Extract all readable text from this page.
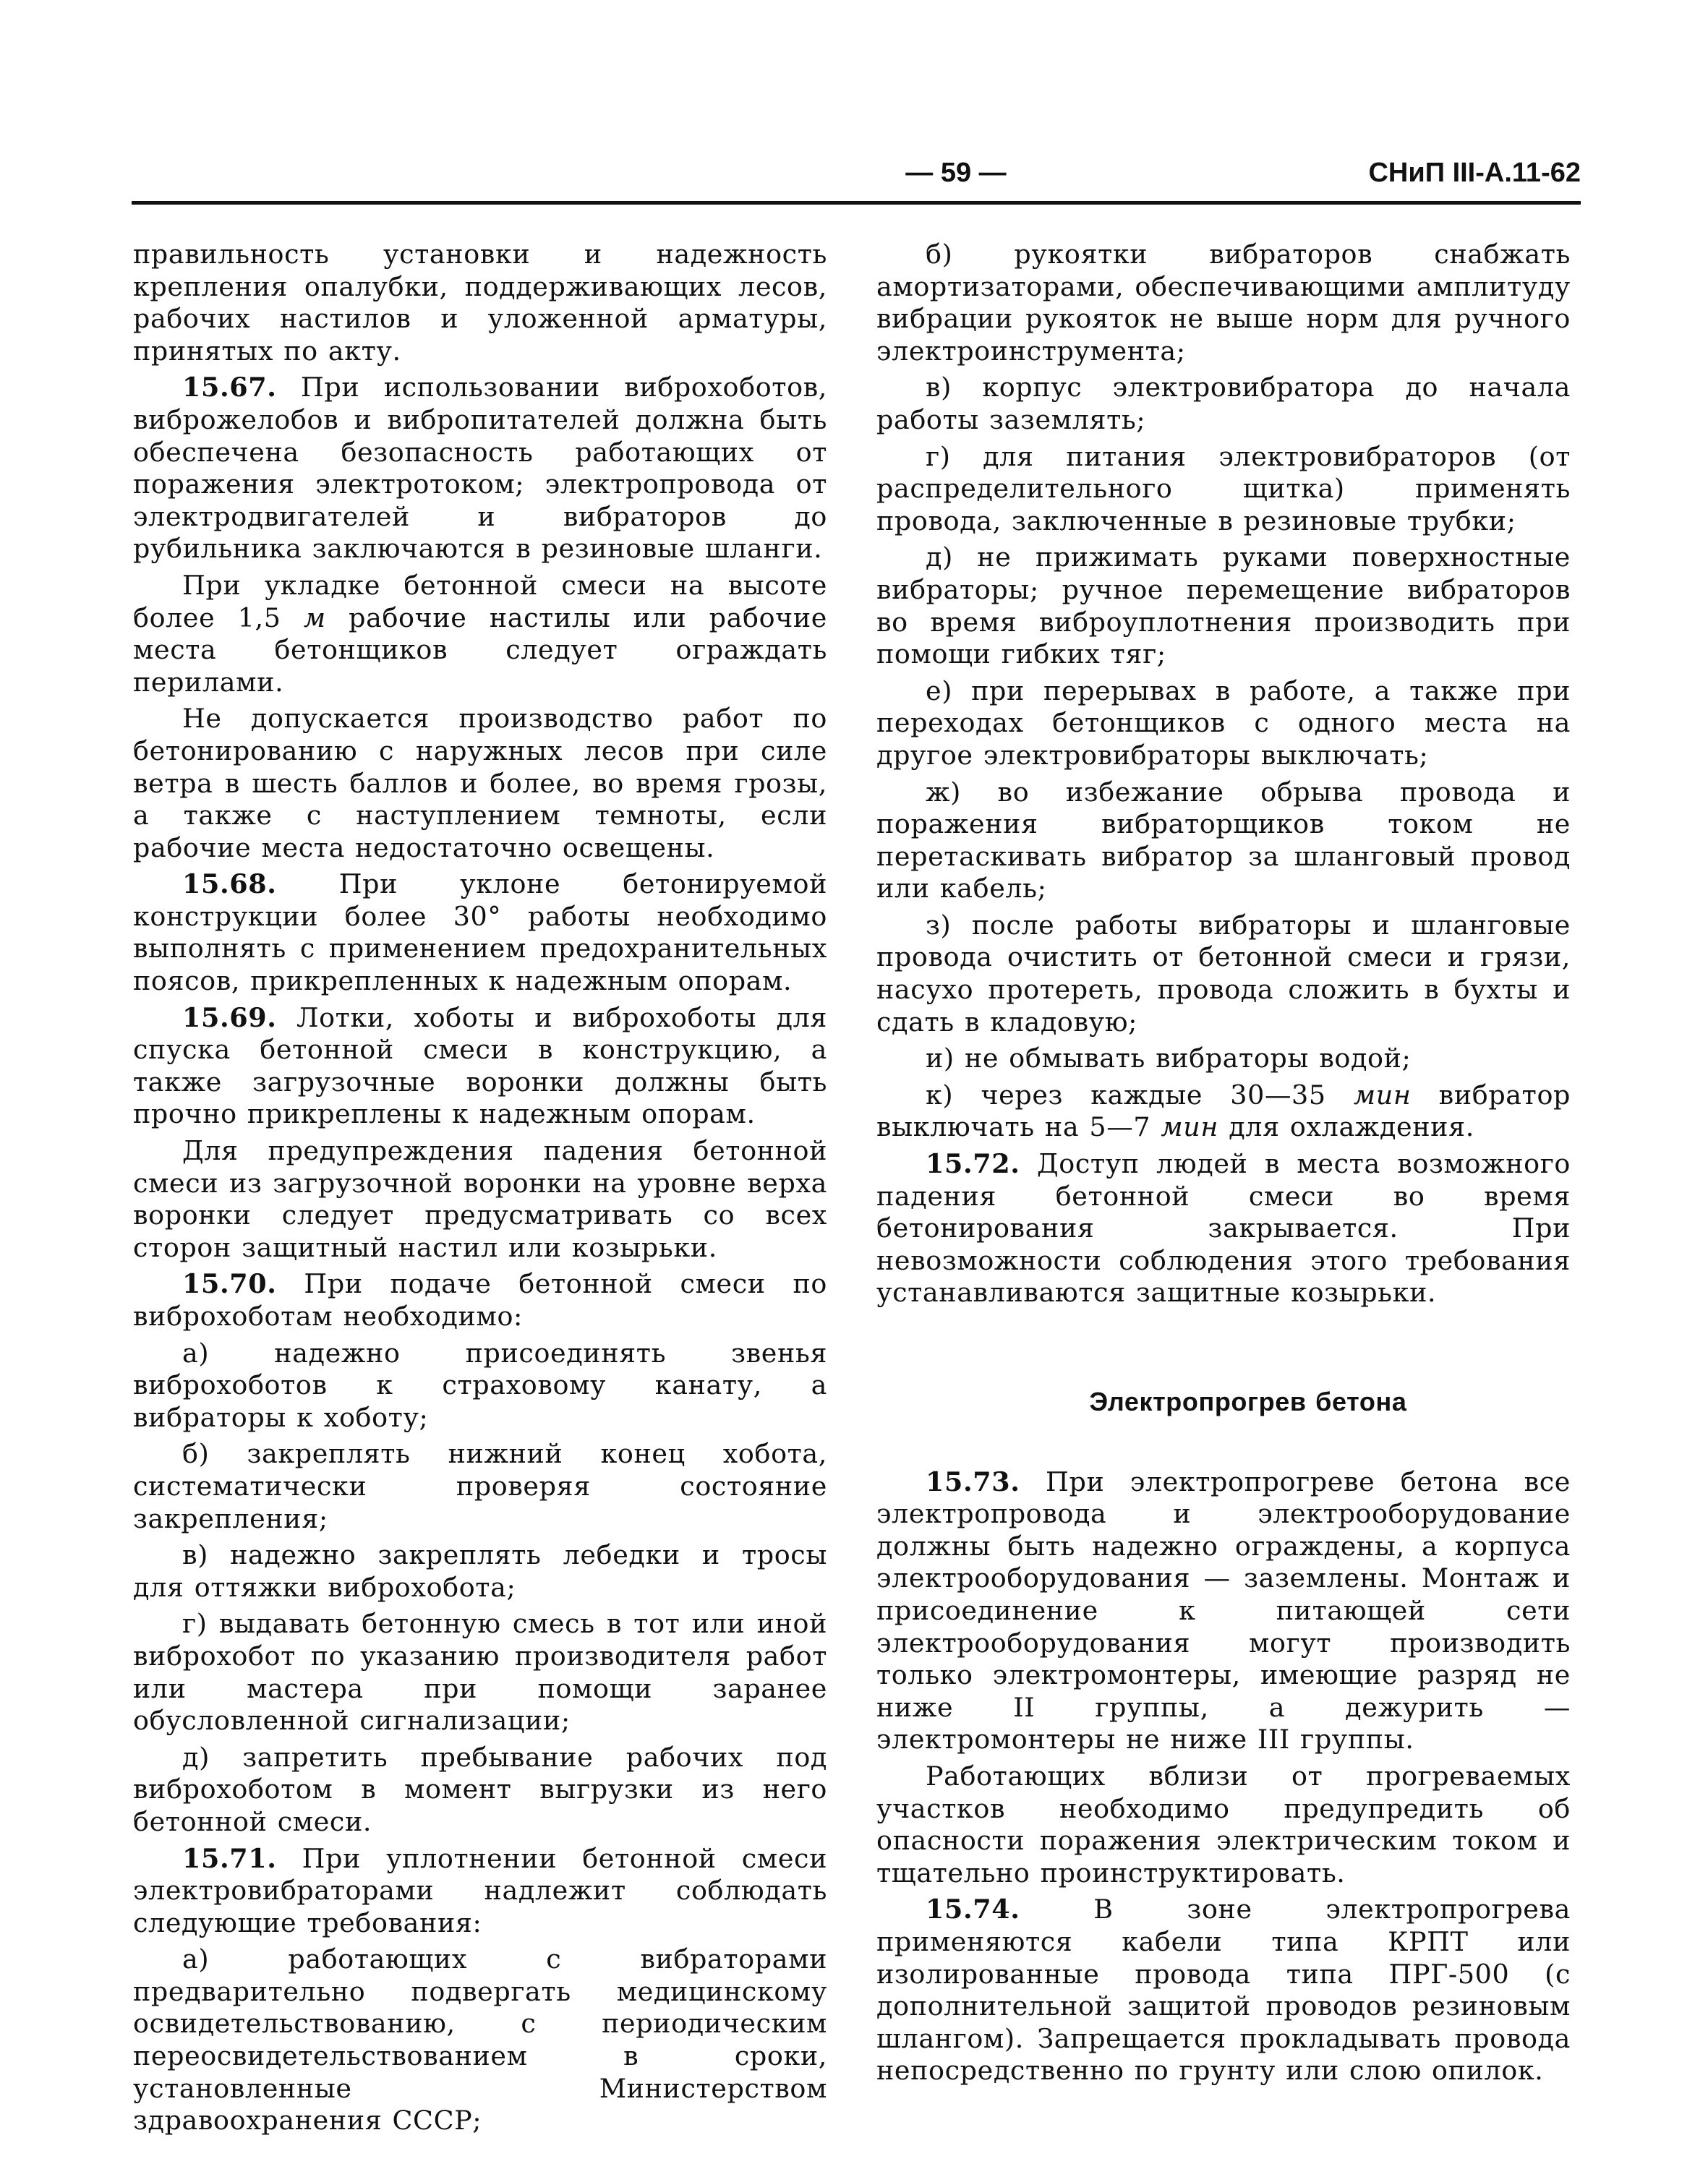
— 59 —	СНиП III-А.11-62

правильность установки и надежность крепления опалубки, поддерживающих лесов, рабочих настилов и уложенной арматуры, принятых по акту.

15.67. При использовании виброхоботов, виброжелобов и вибропитателей должна быть обеспечена безопасность работающих от поражения электротоком; электропровода от электродвигателей и вибраторов до рубильника заключаются в резиновые шланги.

При укладке бетонной смеси на высоте более 1,5 м рабочие настилы или рабочие места бетонщиков следует ограждать перилами.

Не допускается производство работ по бетонированию с наружных лесов при силе ветра в шесть баллов и более, во время грозы, а также с наступлением темноты, если рабочие места недостаточно освещены.

15.68. При уклоне бетонируемой конструкции более 30° работы необходимо выполнять с применением предохранительных поясов, прикрепленных к надежным опорам.

15.69. Лотки, хоботы и виброхоботы для спуска бетонной смеси в конструкцию, а также загрузочные воронки должны быть прочно прикреплены к надежным опорам.

Для предупреждения падения бетонной смеси из загрузочной воронки на уровне верха воронки следует предусматривать со всех сторон защитный настил или козырьки.

15.70. При подаче бетонной смеси по виброхоботам необходимо:

а) надежно присоединять звенья виброхоботов к страховому канату, а вибраторы к хоботу;

б) закреплять нижний конец хобота, систематически проверяя состояние закрепления;

в) надежно закреплять лебедки и тросы для оттяжки виброхобота;

г) выдавать бетонную смесь в тот или иной виброхобот по указанию производителя работ или мастера при помощи заранее обусловленной сигнализации;

д) запретить пребывание рабочих под виброхоботом в момент выгрузки из него бетонной смеси.

15.71. При уплотнении бетонной смеси электровибраторами надлежит соблюдать следующие требования:

а) работающих с вибраторами предварительно подвергать медицинскому освидетельствованию, с периодическим переосвидетельствованием в сроки, установленные Министерством здравоохранения СССР;

б) рукоятки вибраторов снабжать амортизаторами, обеспечивающими амплитуду вибрации рукояток не выше норм для ручного электроинструмента;

в) корпус электровибратора до начала работы заземлять;

г) для питания электровибраторов (от распределительного щитка) применять провода, заключенные в резиновые трубки;

д) не прижимать руками поверхностные вибраторы; ручное перемещение вибраторов во время виброуплотнения производить при помощи гибких тяг;

е) при перерывах в работе, а также при переходах бетонщиков с одного места на другое электровибраторы выключать;

ж) во избежание обрыва провода и поражения вибраторщиков током не перетаскивать вибратор за шланговый провод или кабель;

з) после работы вибраторы и шланговые провода очистить от бетонной смеси и грязи, насухо протереть, провода сложить в бухты и сдать в кладовую;

и) не обмывать вибраторы водой;

к) через каждые 30—35 мин вибратор выключать на 5—7 мин для охлаждения.

15.72. Доступ людей в места возможного падения бетонной смеси во время бетонирования закрывается. При невозможности соблюдения этого требования устанавливаются защитные козырьки.

Электропрогрев бетона

15.73. При электропрогреве бетона все электропровода и электрооборудование должны быть надежно ограждены, а корпуса электрооборудования — заземлены. Монтаж и присоединение к питающей сети электрооборудования могут производить только электромонтеры, имеющие разряд не ниже II группы, а дежурить — электромонтеры не ниже III группы.

Работающих вблизи от прогреваемых участков необходимо предупредить об опасности поражения электрическим током и тщательно проинструктировать.

15.74. В зоне электропрогрева применяются кабели типа КРПТ или изолированные провода типа ПРГ-500 (с дополнительной защитой проводов резиновым шлангом). Запрещается прокладывать провода непосредственно по грунту или слою опилок.
